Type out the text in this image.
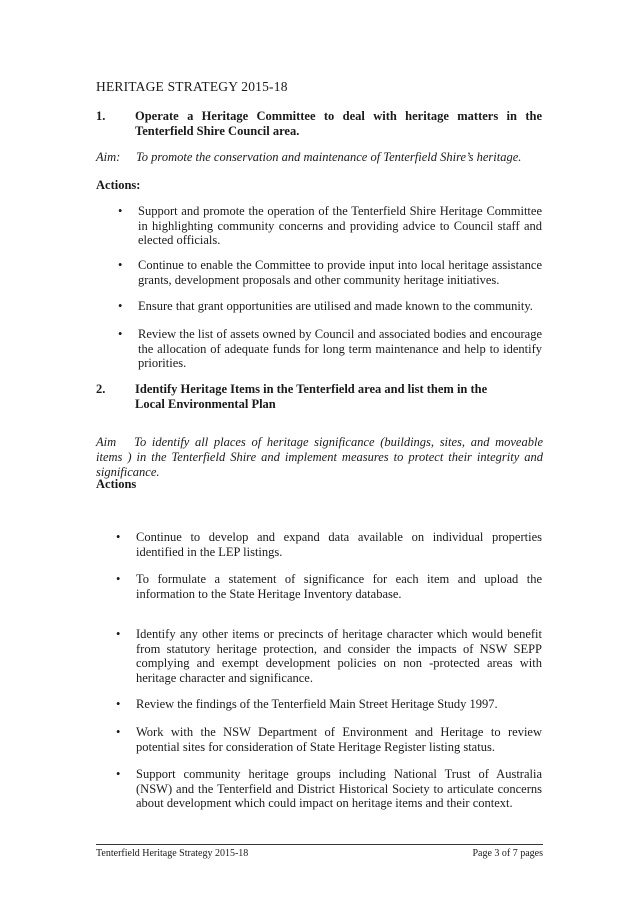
HERITAGE STRATEGY 2015-18
1. Operate a Heritage Committee to deal with heritage matters in the Tenterfield Shire Council area.
Aim:	To promote the conservation and maintenance of Tenterfield Shire’s heritage.
Actions:
• Support and promote the operation of the Tenterfield Shire Heritage Committee in highlighting community concerns and providing advice to Council staff and elected officials.
• Continue to enable the Committee to provide input into local heritage assistance grants, development proposals and other community heritage initiatives.
• Ensure that grant opportunities are utilised and made known to the community.
• Review the list of assets owned by Council and associated bodies and encourage the allocation of adequate funds for long term maintenance and help to identify priorities.
2. Identify Heritage Items in the Tenterfield area and list them in the Local Environmental Plan
Aim To identify all places of heritage significance (buildings, sites, and moveable items ) in the Tenterfield Shire and implement measures to protect their integrity and significance.
Actions
• Continue to develop and expand data available on individual properties identified in the LEP listings.
• To formulate a statement of significance for each item and upload the information to the State Heritage Inventory database.
• Identify any other items or precincts of heritage character which would benefit from statutory heritage protection, and consider the impacts of NSW SEPP complying and exempt development policies on non -protected areas with heritage character and significance.
• Review the findings of the Tenterfield Main Street Heritage Study 1997.
• Work with the NSW Department of Environment and Heritage to review potential sites for consideration of State Heritage Register listing status.
• Support community heritage groups including National Trust of Australia (NSW) and the Tenterfield and District Historical Society to articulate concerns about development which could impact on heritage items and their context.
Tenterfield Heritage Strategy 2015-18	Page 3 of 7 pages
